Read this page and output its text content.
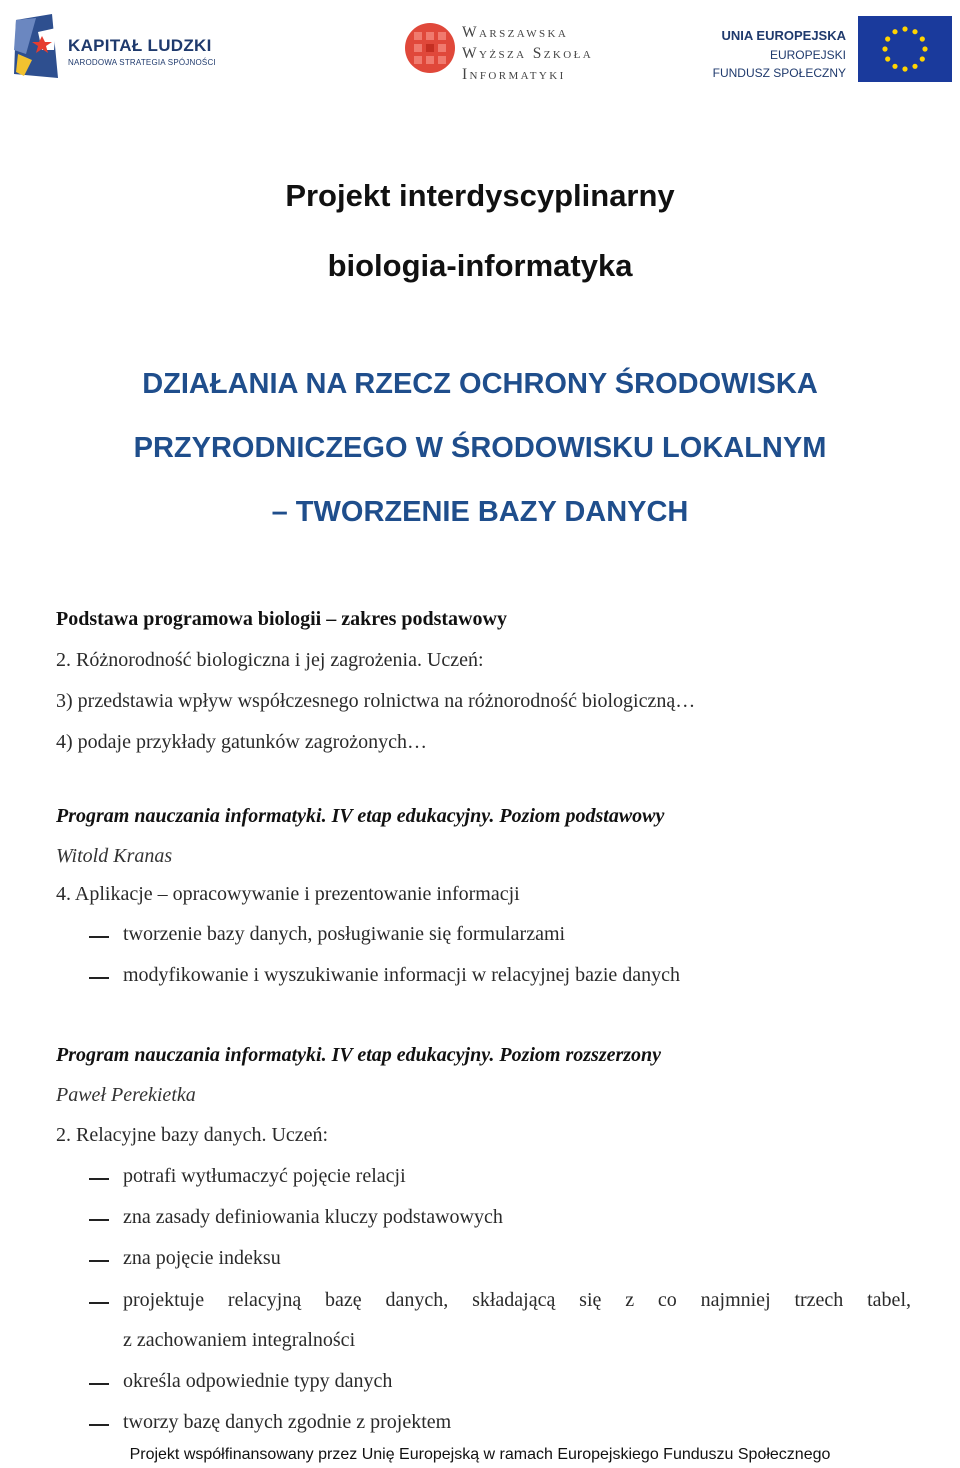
KAPITAŁ LUDZKI
NARODOWA STRATEGIA SPÓJNOŚCI
Warszawska
Wyższa Szkoła
Informatyki
UNIA EUROPEJSKA
EUROPEJSKI
FUNDUSZ SPOŁECZNY
Projekt interdyscyplinarny
biologia-informatyka
DZIAŁANIA NA RZECZ OCHRONY ŚRODOWISKA
PRZYRODNICZEGO W ŚRODOWISKU LOKALNYM
– TWORZENIE BAZY DANYCH
Podstawa programowa biologii – zakres podstawowy
2. Różnorodność biologiczna i jej zagrożenia. Uczeń:
3) przedstawia wpływ współczesnego rolnictwa na różnorodność biologiczną…
4) podaje przykłady gatunków zagrożonych…
Program nauczania informatyki. IV etap edukacyjny. Poziom podstawowy
Witold Kranas
4. Aplikacje – opracowywanie i prezentowanie informacji
tworzenie bazy danych, posługiwanie się formularzami
modyfikowanie i wyszukiwanie informacji w relacyjnej bazie danych
Program nauczania informatyki. IV etap edukacyjny. Poziom rozszerzony
Paweł Perekietka
2. Relacyjne bazy danych. Uczeń:
potrafi wytłumaczyć pojęcie relacji
zna zasady definiowania kluczy podstawowych
zna pojęcie indeksu
projektuje relacyjną bazę danych, składającą się z co najmniej trzech tabel,
z zachowaniem integralności
określa odpowiednie typy danych
tworzy bazę danych zgodnie z projektem
Projekt współfinansowany przez Unię Europejską w ramach Europejskiego Funduszu Społecznego
